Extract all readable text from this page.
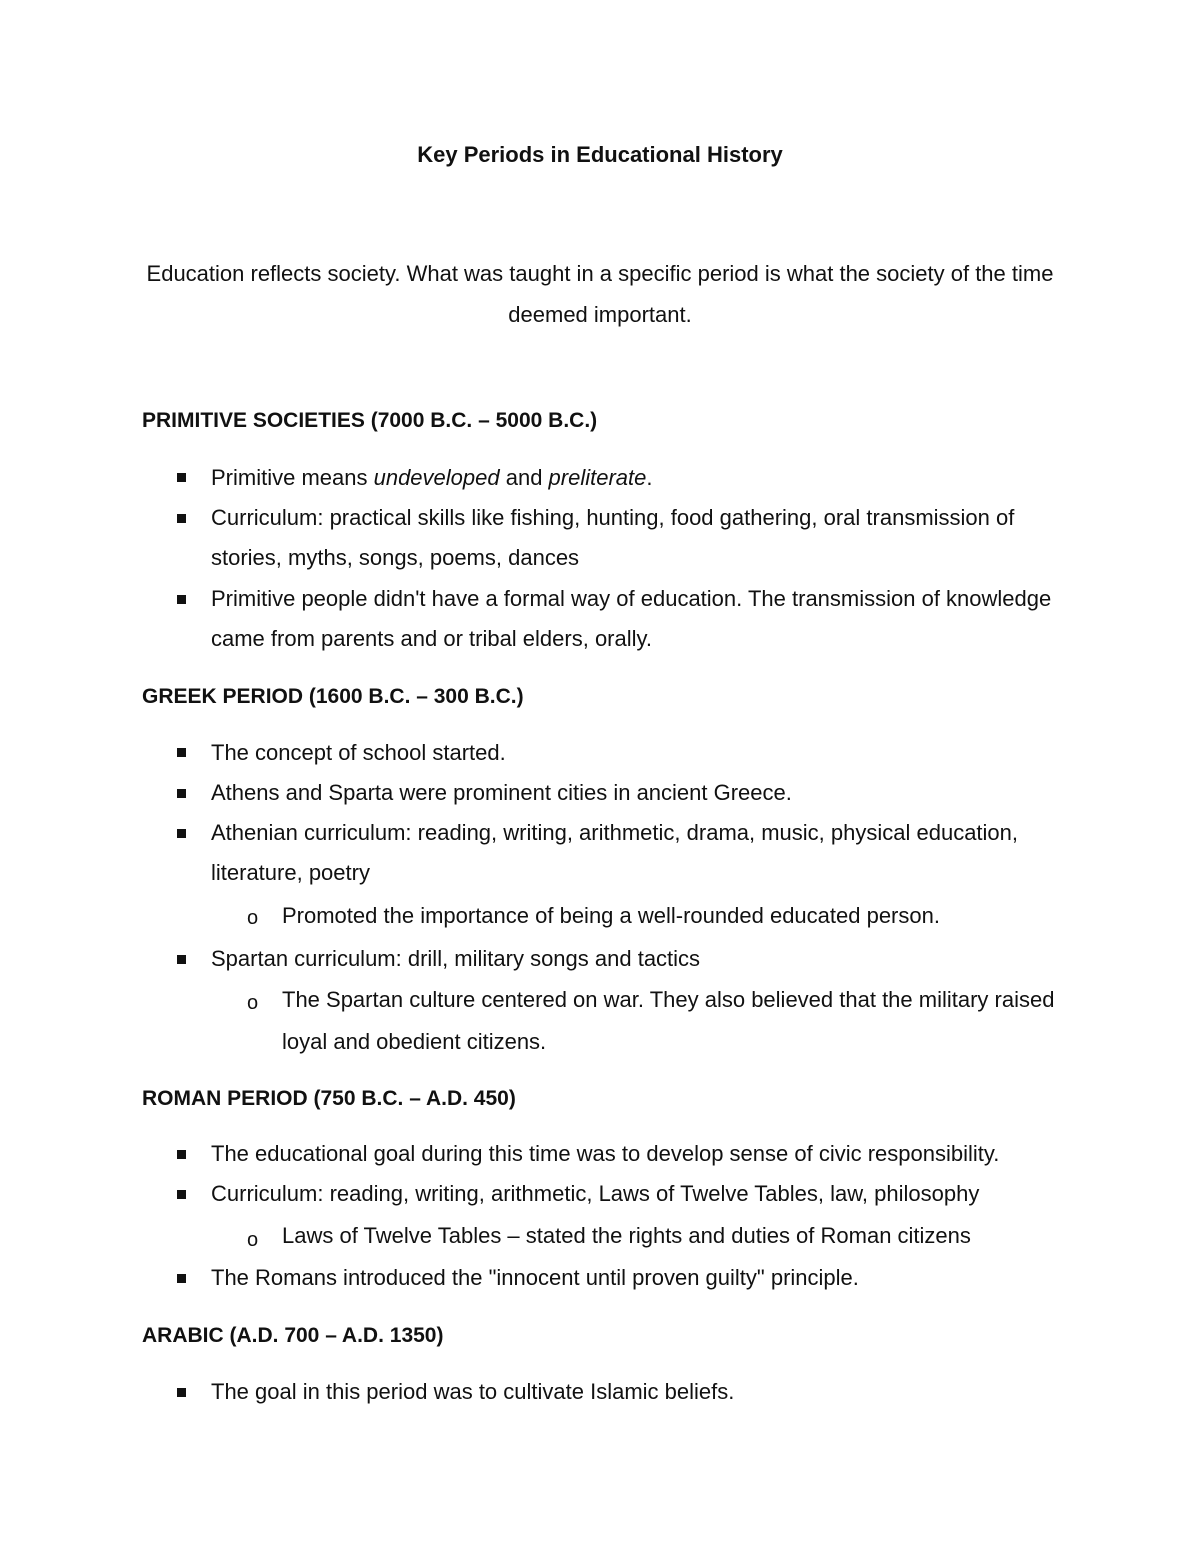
Key Periods in Educational History
Education reflects society. What was taught in a specific period is what the society of the time deemed important.
PRIMITIVE SOCIETIES (7000 B.C. – 5000 B.C.)
Primitive means undeveloped and preliterate.
Curriculum: practical skills like fishing, hunting, food gathering, oral transmission of stories, myths, songs, poems, dances
Primitive people didn't have a formal way of education. The transmission of knowledge came from parents and or tribal elders, orally.
GREEK PERIOD (1600 B.C. – 300 B.C.)
The concept of school started.
Athens and Sparta were prominent cities in ancient Greece.
Athenian curriculum: reading, writing, arithmetic, drama, music, physical education, literature, poetry
o Promoted the importance of being a well-rounded educated person.
Spartan curriculum: drill, military songs and tactics
o The Spartan culture centered on war. They also believed that the military raised loyal and obedient citizens.
ROMAN PERIOD (750 B.C. – A.D. 450)
The educational goal during this time was to develop sense of civic responsibility.
Curriculum: reading, writing, arithmetic, Laws of Twelve Tables, law, philosophy
o Laws of Twelve Tables – stated the rights and duties of Roman citizens
The Romans introduced the "innocent until proven guilty" principle.
ARABIC (A.D. 700 – A.D. 1350)
The goal in this period was to cultivate Islamic beliefs.
